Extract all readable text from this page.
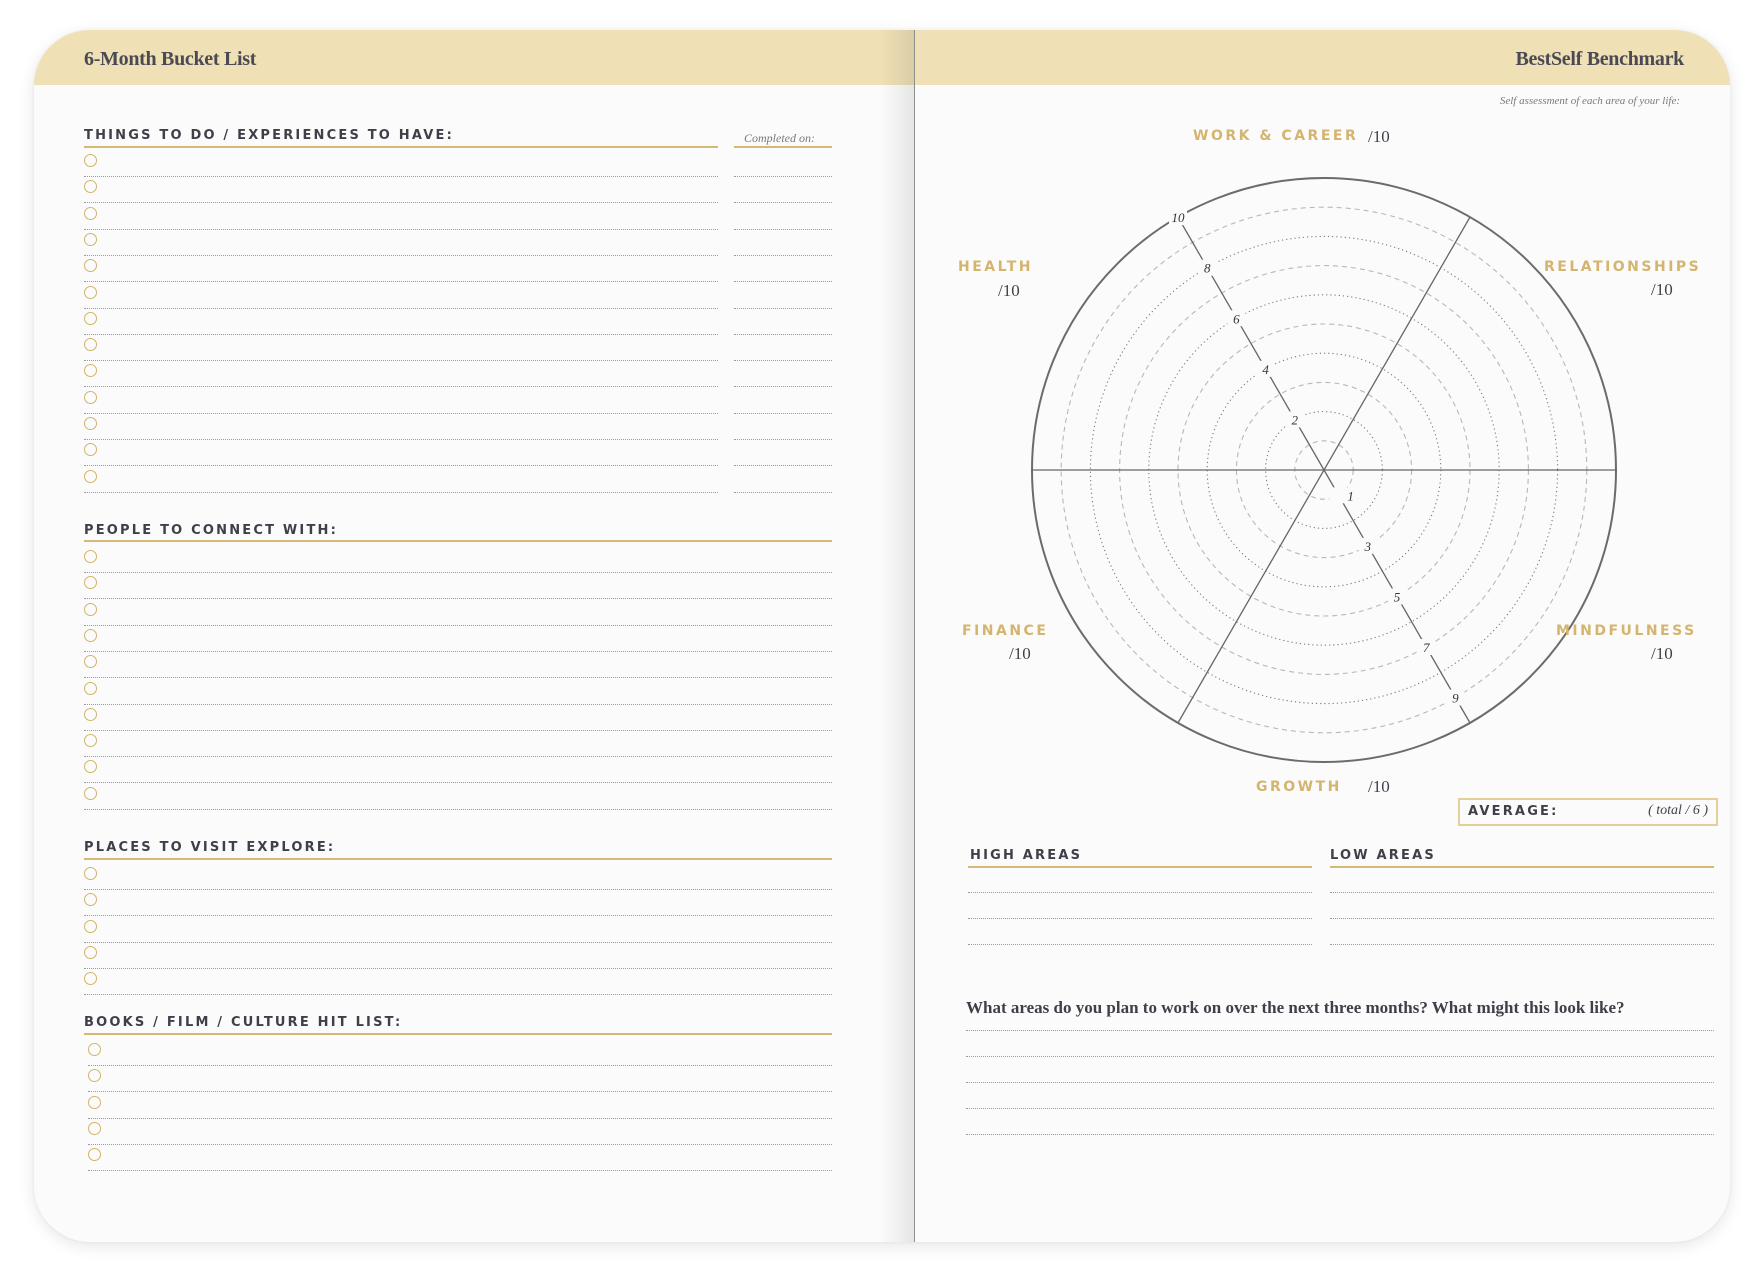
6-Month Bucket List	BestSelf Benchmark
THINGS TO DO / EXPERIENCES TO HAVE:	Completed on:
PEOPLE TO CONNECT WITH:
PLACES TO VISIT EXPLORE:
BOOKS / FILM / CULTURE HIT LIST:
Self assessment of each area of your life:
2
4
6
8
10
1
3
5
7
9
WORK & CAREER /10
RELATIONSHIPS
/10
MINDFULNESS
/10
GROWTH /10
FINANCE
/10
HEALTH
/10
AVERAGE:	( total / 6 )
HIGH AREAS	LOW AREAS
What areas do you plan to work on over the next three months? What might this look like?
